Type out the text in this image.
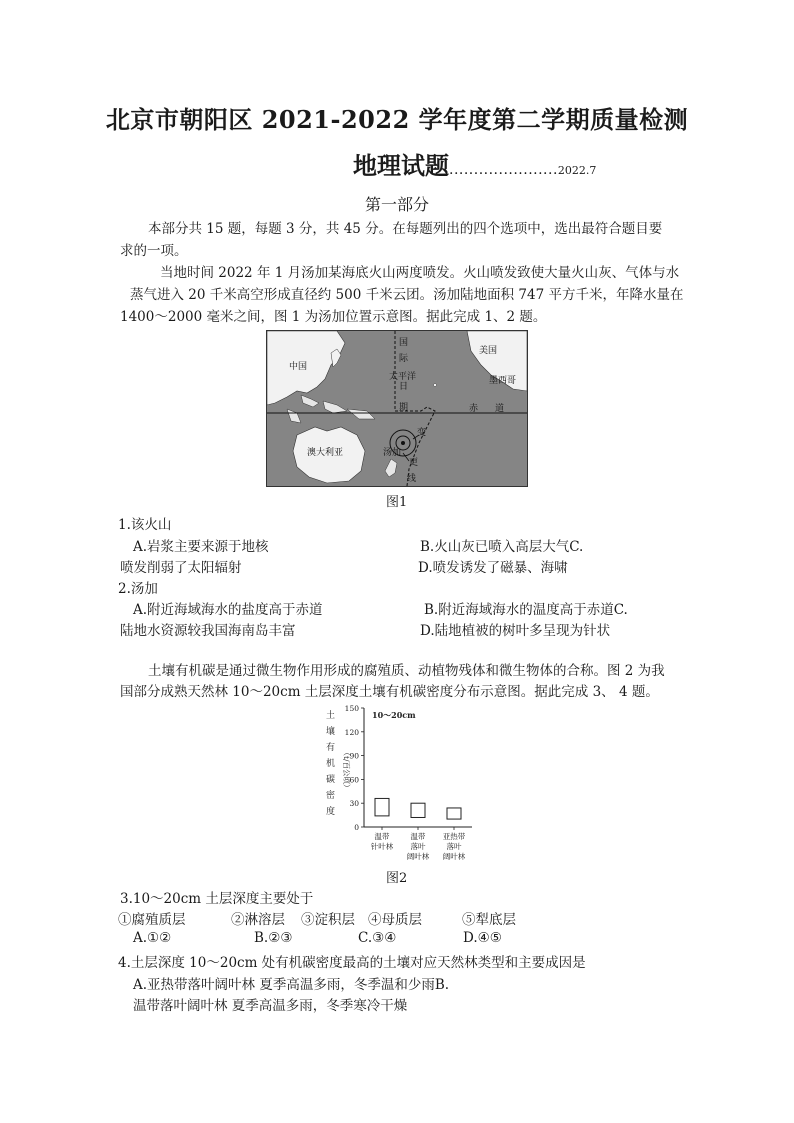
北京市朝阳区 2021-2022 学年度第二学期质量检测
地理试题......................2022.7
第一部分
本部分共 15 题，每题 3 分，共 45 分。在每题列出的四个选项中，选出最符合题目要
求的一项。
当地时间 2022 年 1 月汤加某海底火山两度喷发。火山喷发致使大量火山灰、气体与水
蒸气进入 20 千米高空形成直径约 500 千米云团。汤加陆地面积 747 平方千米，年降水量在
1400～2000 毫米之间，图 1 为汤加位置示意图。据此完成 1、2 题。
中国
美国
墨西哥
澳大利亚	汤加
太平洋
赤 道
国
际
日
期
变
更
线
图1
1.该火山
A.岩浆主要来源于地核	B.火山灰已喷入高层大气C.
喷发削弱了太阳辐射	D.喷发诱发了磁暴、海啸
2.汤加
A.附近海域海水的盐度高于赤道	B.附近海域海水的温度高于赤道C.
陆地水资源较我国海南岛丰富	D.陆地植被的树叶多呈现为针状
土壤有机碳是通过微生物作用形成的腐殖质、动植物残体和微生物体的合称。图 2 为我
国部分成熟天然林 10～20cm 土层深度土壤有机碳密度分布示意图。据此完成 3、 4 题。
土
壤
有
机
碳
密
度
（t/百公顷）
150
120
90
60
30
0
10～20cm
温带
针叶林
温带
落叶
阔叶林
亚热带
落叶
阔叶林
图2
3.10～20cm 土层深度主要处于
①腐殖质层	②淋溶层 ③淀积层 ④母质层	⑤犁底层
A.①②	B.②③	C.③④	D.④⑤
4.土层深度 10～20cm 处有机碳密度最高的土壤对应天然林类型和主要成因是
A.亚热带落叶阔叶林 夏季高温多雨，冬季温和少雨B.
温带落叶阔叶林 夏季高温多雨，冬季寒冷干燥
